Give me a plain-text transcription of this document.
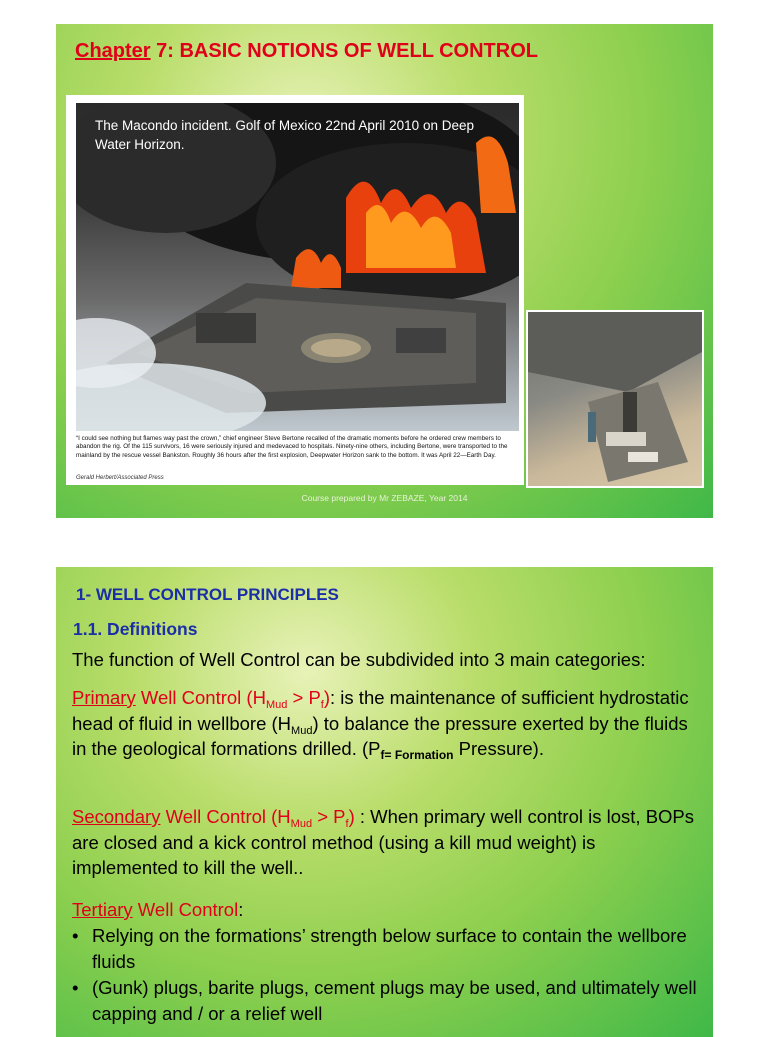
Chapter 7: BASIC NOTIONS OF WELL CONTROL
The Macondo incident. Golf of Mexico 22nd April 2010 on Deep Water Horizon.
“I could see nothing but flames way past the crown,” chief engineer Steve Bertone recalled of the dramatic moments before he ordered crew members to abandon the rig. Of the 115 survivors, 16 were seriously injured and medevaced to hospitals. Ninety-nine others, including Bertone, were transported to the mainland by the rescue vessel Bankston. Roughly 36 hours after the first explosion, Deepwater Horizon sank to the bottom. It was April 22—Earth Day.
Gerald Herbert/Associated Press
Course prepared by Mr ZEBAZE, Year 2014
1- WELL CONTROL PRINCIPLES
1.1. Definitions
The function of Well Control can be subdivided into 3 main categories:
Primary Well Control $(H_{Mud} > P_f)$: is the maintenance of sufficient hydrostatic head of fluid in wellbore $(H_{Mud})$ to balance the pressure exerted by the fluids in the geological formations drilled. ($P_{f= Formation}$ Pressure).
Secondary Well Control $(H_{Mud} > P_f)$ : When primary well control is lost, BOPs are closed and a kick control method (using a kill mud weight) is implemented to kill the well..
Tertiary Well Control:
• Relying on the formations’ strength below surface to contain the wellbore fluids
• (Gunk) plugs, barite plugs, cement plugs may be used, and ultimately well capping and / or a relief well
